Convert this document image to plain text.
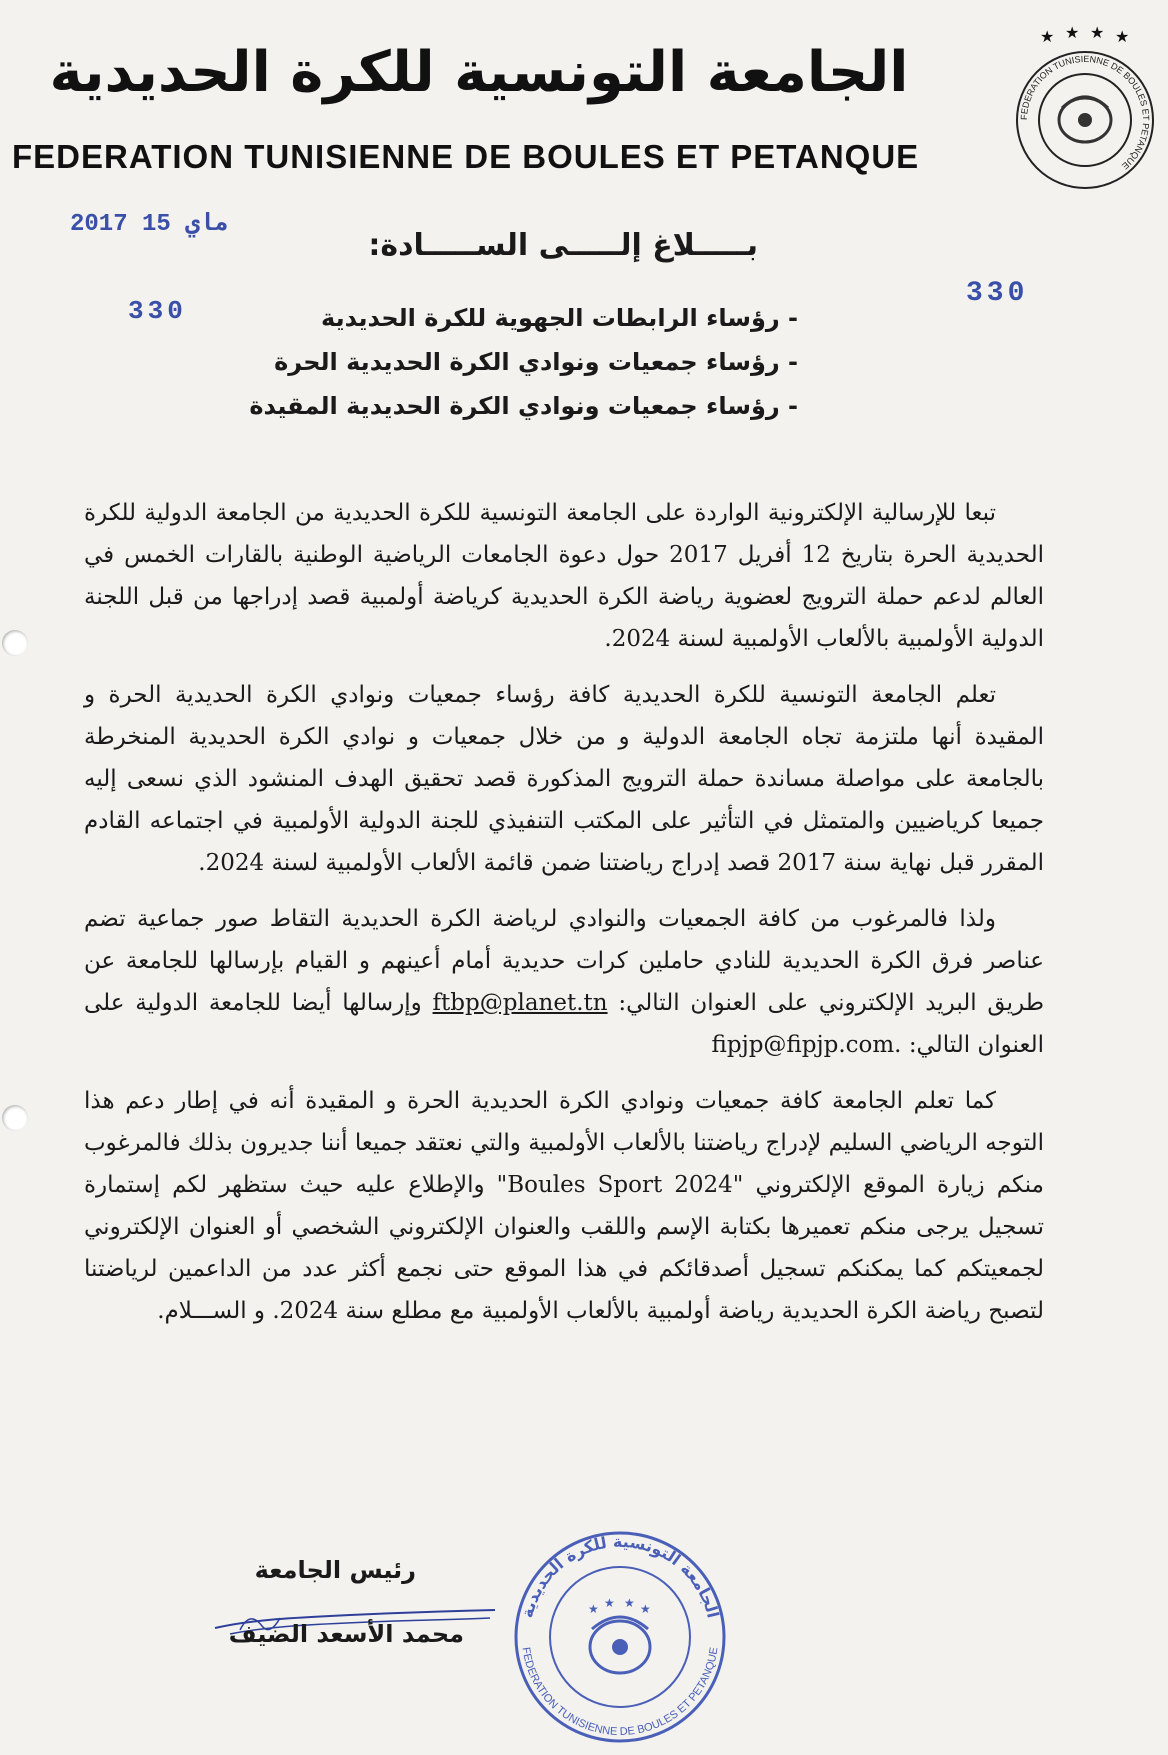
الجامعة التونسية للكرة الحديدية
FEDERATION TUNISIENNE DE BOULES ET PETANQUE
★ ★ ★ ★
FEDERATION TUNISIENNE DE BOULES ET PETANQUE
2017 ماي 15
330
330
بـــــلاغ إلـــــى الســـــادة:
- رؤساء الرابطات الجهوية للكرة الحديدية
- رؤساء جمعيات ونوادي الكرة الحديدية الحرة
- رؤساء جمعيات ونوادي الكرة الحديدية المقيدة

تبعا للإرسالية الإلكترونية الواردة على الجامعة التونسية للكرة الحديدية من الجامعة الدولية للكرة الحديدية الحرة بتاريخ 12 أفريل 2017 حول دعوة الجامعات الرياضية الوطنية بالقارات الخمس في العالم لدعم حملة الترويج لعضوية رياضة الكرة الحديدية كرياضة أولمبية قصد إدراجها من قبل اللجنة الدولية الأولمبية بالألعاب الأولمبية لسنة 2024.

تعلم الجامعة التونسية للكرة الحديدية كافة رؤساء جمعيات ونوادي الكرة الحديدية الحرة و المقيدة أنها ملتزمة تجاه الجامعة الدولية و من خلال جمعيات و نوادي الكرة الحديدية المنخرطة بالجامعة على مواصلة مساندة حملة الترويج المذكورة قصد تحقيق الهدف المنشود الذي نسعى إليه جميعا كرياضيين والمتمثل في التأثير على المكتب التنفيذي للجنة الدولية الأولمبية في اجتماعه القادم المقرر قبل نهاية سنة 2017 قصد إدراج رياضتنا ضمن قائمة الألعاب الأولمبية لسنة 2024.

ولذا فالمرغوب من كافة الجمعيات والنوادي لرياضة الكرة الحديدية التقاط صور جماعية تضم عناصر فرق الكرة الحديدية للنادي حاملين كرات حديدية أمام أعينهم و القيام بإرسالها للجامعة عن طريق البريد الإلكتروني على العنوان التالي: ftbp@planet.tn وإرسالها أيضا للجامعة الدولية على العنوان التالي: fipjp@fipjp.com.

كما تعلم الجامعة كافة جمعيات ونوادي الكرة الحديدية الحرة و المقيدة أنه في إطار دعم هذا التوجه الرياضي السليم لإدراج رياضتنا بالألعاب الأولمبية والتي نعتقد جميعا أننا جديرون بذلك فالمرغوب منكم زيارة الموقع الإلكتروني "Boules Sport 2024" والإطلاع عليه حيث ستظهر لكم إستمارة تسجيل يرجى منكم تعميرها بكتابة الإسم واللقب والعنوان الإلكتروني الشخصي أو العنوان الإلكتروني لجمعيتكم كما يمكنكم تسجيل أصدقائكم في هذا الموقع حتى نجمع أكثر عدد من الداعمين لرياضتنا لتصبح رياضة الكرة الحديدية رياضة أولمبية بالألعاب الأولمبية مع مطلع سنة 2024. و الســـلام.

رئيس الجامعة
محمد الأسعد الضيف
الجامعة التونسية للكرة الحديدية
FEDERATION TUNISIENNE DE BOULES ET PETANQUE
★ ★ ★ ★
